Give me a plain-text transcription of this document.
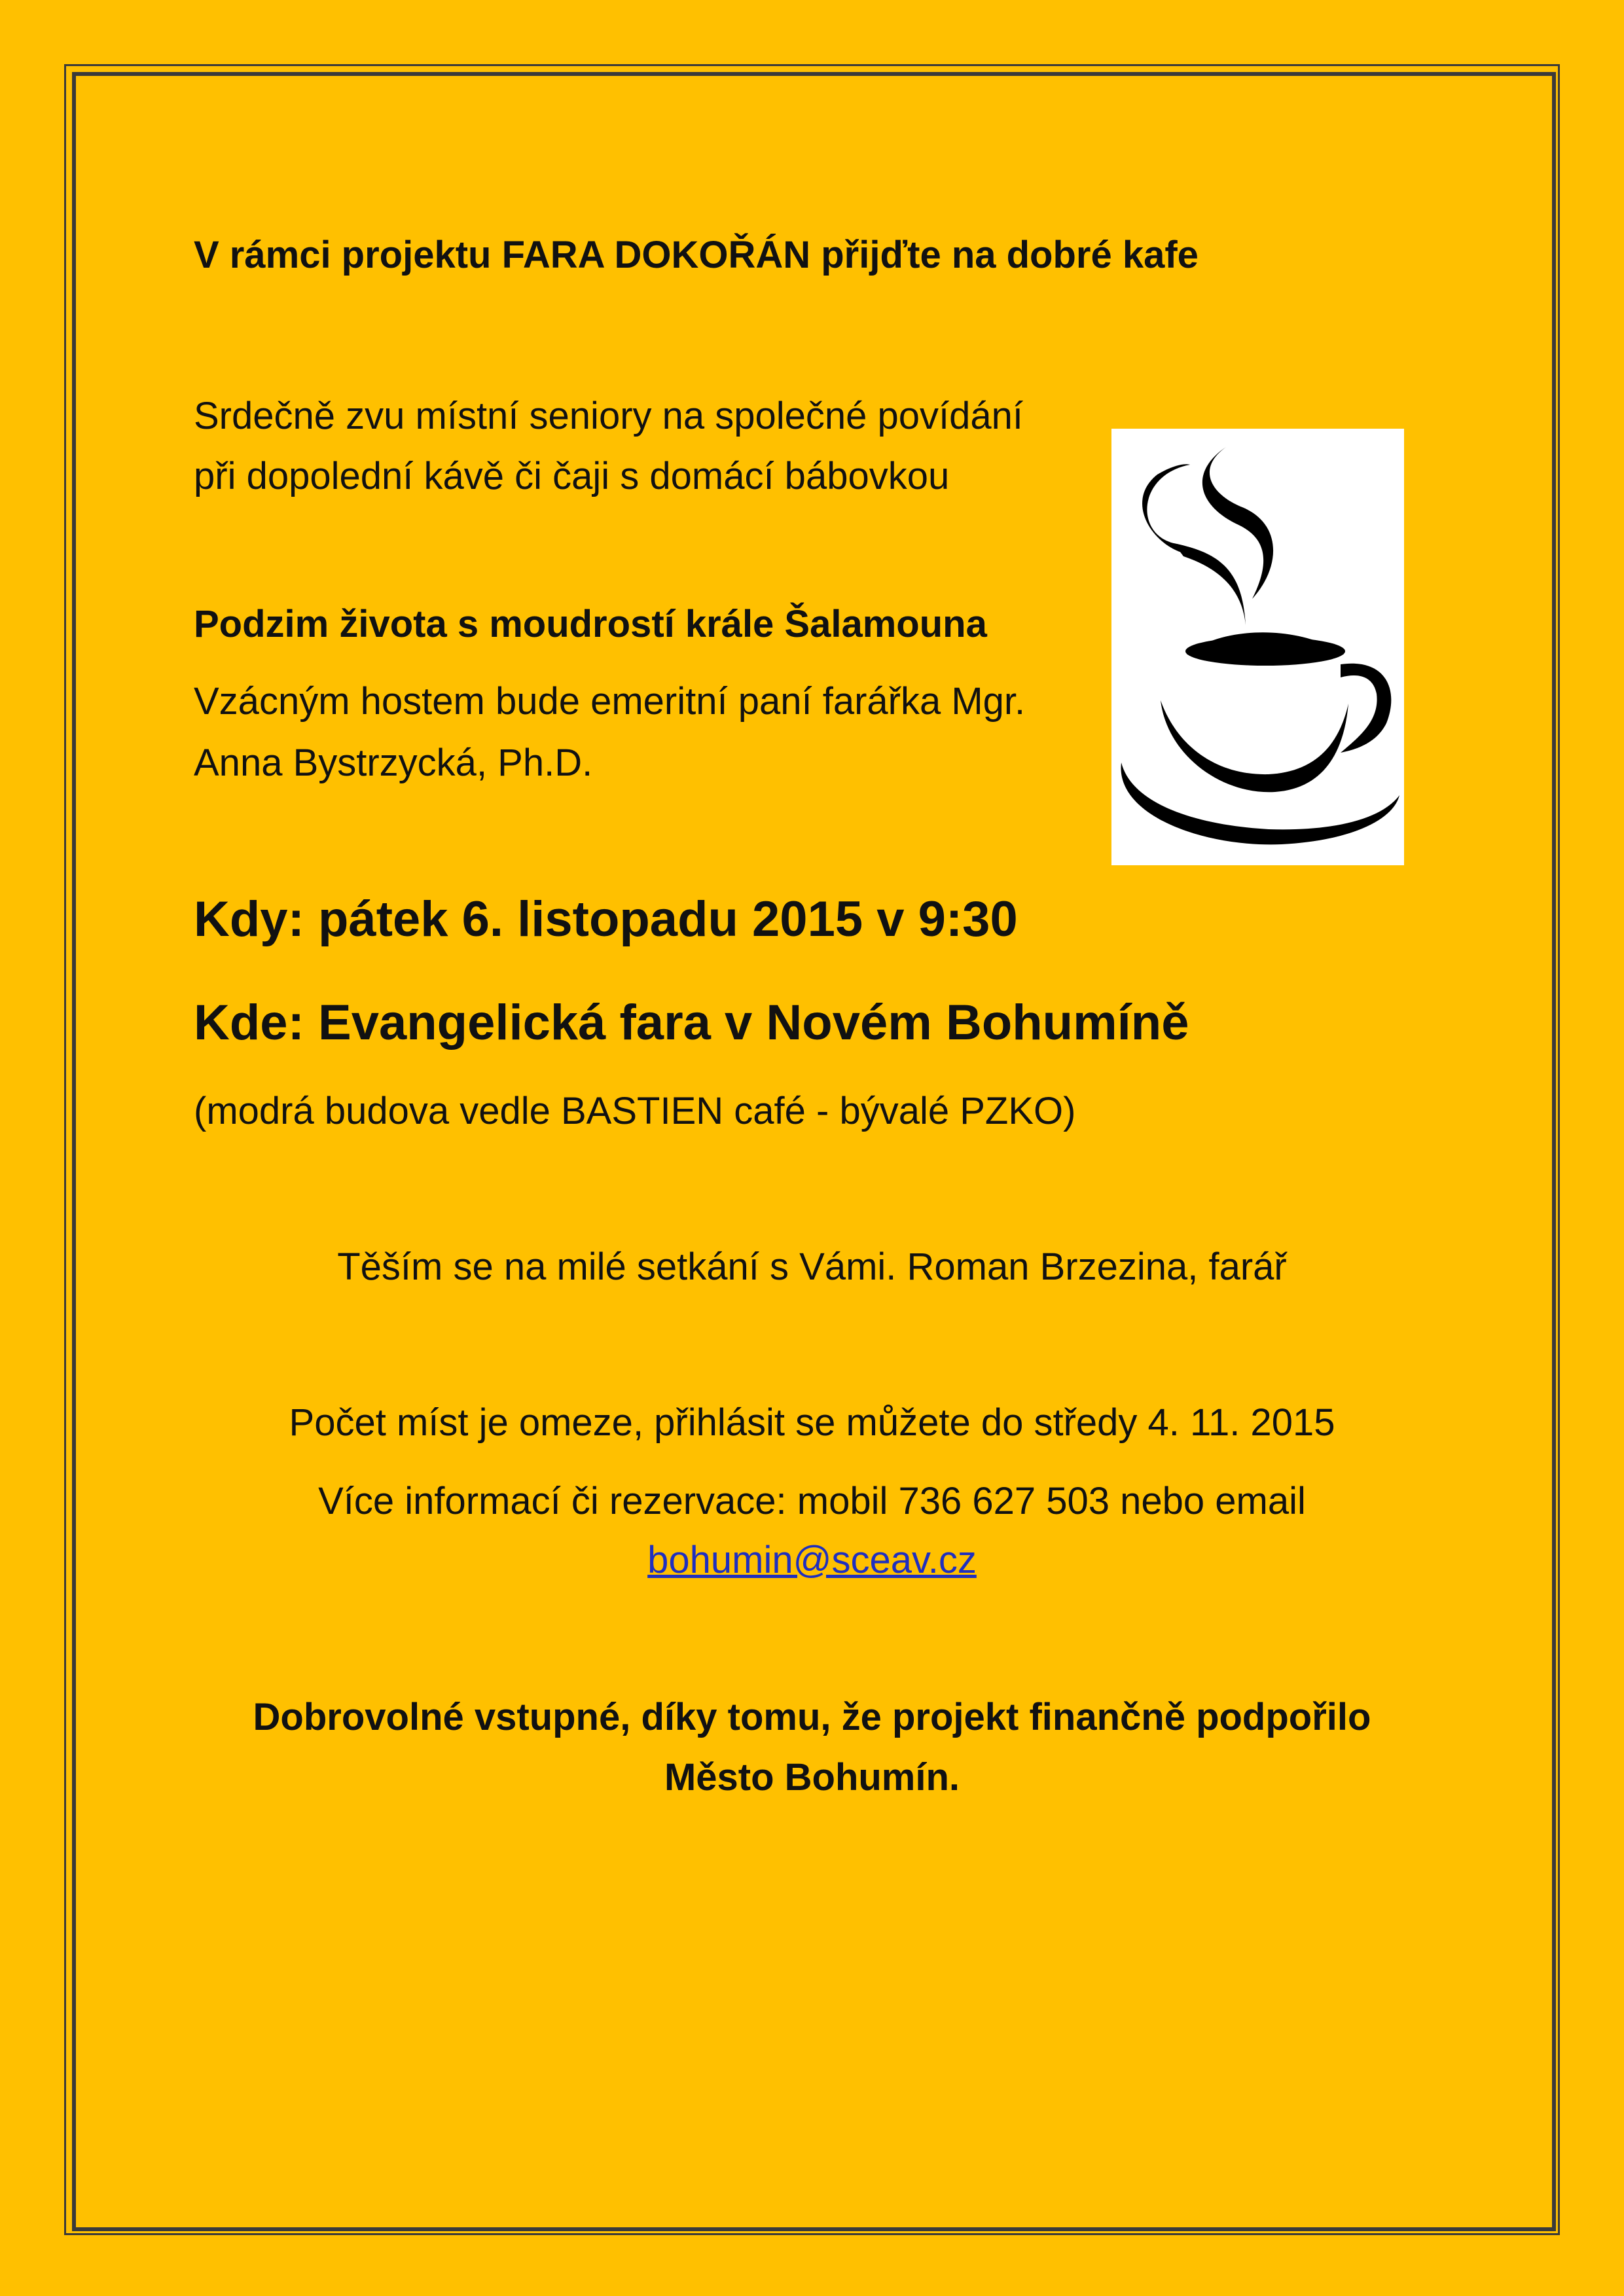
V rámci projektu FARA DOKOŘÁN přijďte na dobré kafe
Srdečně zvu místní seniory na společné povídání
při dopolední kávě či čaji s domácí bábovkou
Podzim života s moudrostí krále Šalamouna
Vzácným hostem bude emeritní paní farářka Mgr.
Anna Bystrzycká, Ph.D.
Kdy: pátek 6. listopadu 2015 v 9:30
Kde: Evangelická fara v Novém Bohumíně
(modrá budova vedle BASTIEN café - bývalé PZKO)
Těším se na milé setkání s Vámi. Roman Brzezina, farář
Počet míst je omeze, přihlásit se můžete do středy 4. 11. 2015
Více informací či rezervace: mobil 736 627 503 nebo email
bohumin@sceav.cz
Dobrovolné vstupné, díky tomu, že projekt finančně podpořilo
Město Bohumín.
